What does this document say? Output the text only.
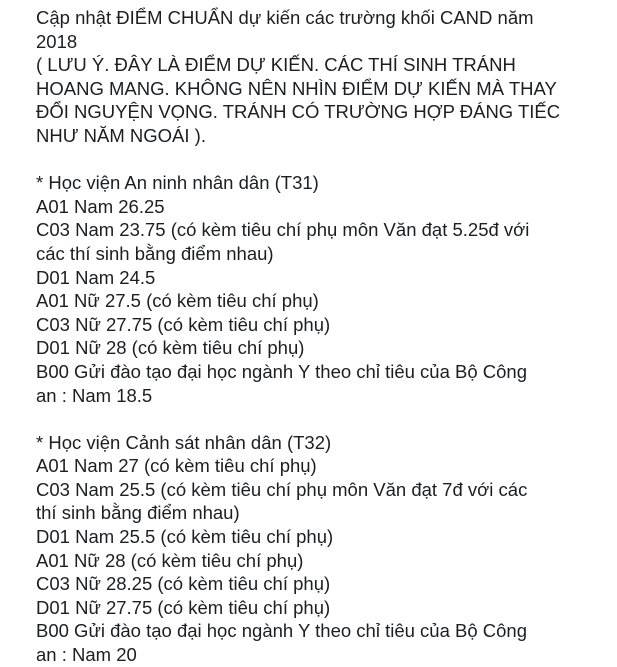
Cập nhật ĐIỂM CHUẨN dự kiến các trường khối CAND năm
2018
( LƯU Ý. ĐÂY LÀ ĐIỂM DỰ KIẾN. CÁC THÍ SINH TRÁNH
HOANG MANG. KHÔNG NÊN NHÌN ĐIỂM DỰ KIẾN MÀ THAY
ĐỔI NGUYỆN VỌNG. TRÁNH CÓ TRƯỜNG HỢP ĐÁNG TIẾC
NHƯ NĂM NGOÁI ).
* Học viện An ninh nhân dân (T31)
A01 Nam 26.25
C03 Nam 23.75 (có kèm tiêu chí phụ môn Văn đạt 5.25đ với
các thí sinh bằng điểm nhau)
D01 Nam 24.5
A01 Nữ 27.5 (có kèm tiêu chí phụ)
C03 Nữ 27.75 (có kèm tiêu chí phụ)
D01 Nữ 28 (có kèm tiêu chí phụ)
B00 Gửi đào tạo đại học ngành Y theo chỉ tiêu của Bộ Công
an : Nam 18.5
* Học viện Cảnh sát nhân dân (T32)
A01 Nam 27 (có kèm tiêu chí phụ)
C03 Nam 25.5 (có kèm tiêu chí phụ môn Văn đạt 7đ với các
thí sinh bằng điểm nhau)
D01 Nam 25.5 (có kèm tiêu chí phụ)
A01 Nữ 28 (có kèm tiêu chí phụ)
C03 Nữ 28.25 (có kèm tiêu chí phụ)
D01 Nữ 27.75 (có kèm tiêu chí phụ)
B00 Gửi đào tạo đại học ngành Y theo chỉ tiêu của Bộ Công
an : Nam 20
